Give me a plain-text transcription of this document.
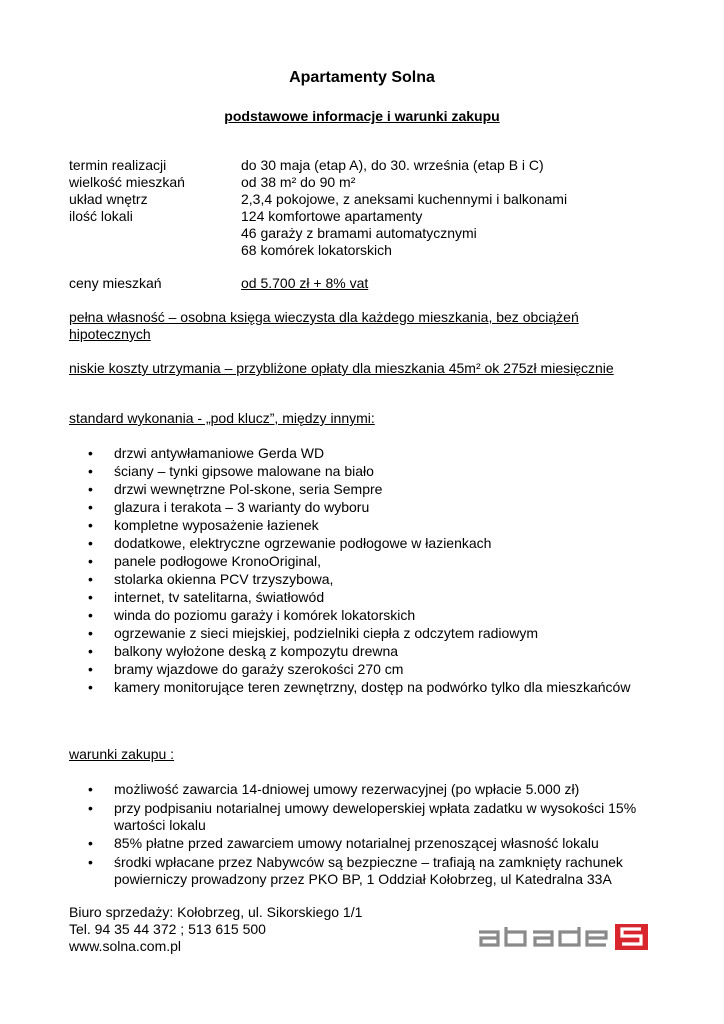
Apartamenty Solna
podstawowe informacje i warunki zakupu
termin realizacji	do 30 maja (etap A), do 30. września (etap B i C)
wielkość mieszkań	od 38 m² do 90 m²
układ wnętrz	2,3,4 pokojowe, z aneksami kuchennymi i balkonami
ilość lokali	124 komfortowe apartamenty
46 garaży z bramami automatycznymi
68 komórek lokatorskich
ceny mieszkań	od 5.700 zł + 8% vat
pełna własność – osobna księga wieczysta dla każdego mieszkania, bez obciążeń hipotecznych
niskie koszty utrzymania – przybliżone opłaty dla mieszkania 45m² ok 275zł miesięcznie
standard wykonania - „pod klucz”, między innymi:
• drzwi antywłamaniowe Gerda WD
• ściany – tynki gipsowe malowane na biało
• drzwi wewnętrzne Pol-skone, seria Sempre
• glazura i terakota – 3 warianty do wyboru
• kompletne wyposażenie łazienek
• dodatkowe, elektryczne ogrzewanie podłogowe w łazienkach
• panele podłogowe KronoOriginal,
• stolarka okienna PCV trzyszybowa,
• internet, tv satelitarna, światłowód
• winda do poziomu garaży i komórek lokatorskich
• ogrzewanie z sieci miejskiej, podzielniki ciepła z odczytem radiowym
• balkony wyłożone deską z kompozytu drewna
• bramy wjazdowe do garaży szerokości 270 cm
• kamery monitorujące teren zewnętrzny, dostęp na podwórko tylko dla mieszkańców
warunki zakupu :
• możliwość zawarcia 14-dniowej umowy rezerwacyjnej (po wpłacie 5.000 zł)
• przy podpisaniu notarialnej umowy deweloperskiej wpłata zadatku w wysokości 15% wartości lokalu
• 85% płatne przed zawarciem umowy notarialnej przenoszącej własność lokalu
• środki wpłacane przez Nabywców są bezpieczne – trafiają na zamknięty rachunek powierniczy prowadzony przez PKO BP, 1 Oddział Kołobrzeg, ul Katedralna 33A
Biuro sprzedaży: Kołobrzeg, ul. Sikorskiego 1/1
Tel. 94 35 44 372 ; 513 615 500
www.solna.com.pl
